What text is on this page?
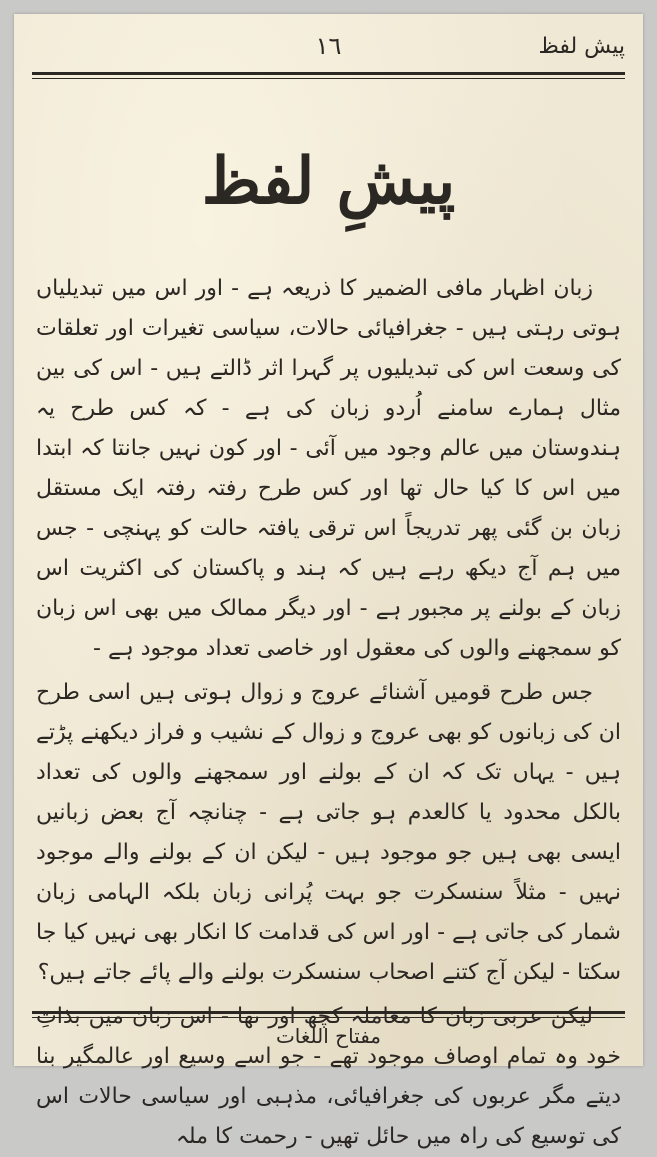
پیش لفظ
١٦
پیشِ لفظ

زبان اظہار مافی الضمیر کا ذریعہ ہے - اور اس میں تبدیلیاں ہوتی رہتی ہیں - جغرافیائی حالات، سیاسی تغیرات اور تعلقات کی وسعت اس کی تبدیلیوں پر گہرا اثر ڈالتے ہیں - اس کی بین مثال ہمارے سامنے اُردو زبان کی ہے - کہ کس طرح یہ ہندوستان میں عالم وجود میں آئی - اور کون نہیں جانتا کہ ابتدا میں اس کا کیا حال تھا اور کس طرح رفتہ رفتہ ایک مستقل زبان بن گئی پھر تدریجاً اس ترقی یافتہ حالت کو پہنچی - جس میں ہم آج دیکھ رہے ہیں کہ ہند و پاکستان کی اکثریت اس زبان کے بولنے پر مجبور ہے - اور دیگر ممالک میں بھی اس زبان کو سمجھنے والوں کی معقول اور خاصی تعداد موجود ہے -

جس طرح قومیں آشنائے عروج و زوال ہوتی ہیں اسی طرح ان کی زبانوں کو بھی عروج و زوال کے نشیب و فراز دیکھنے پڑتے ہیں - یہاں تک کہ ان کے بولنے اور سمجھنے والوں کی تعداد بالکل محدود یا کالعدم ہو جاتی ہے - چنانچہ آج بعض زبانیں ایسی بھی ہیں جو موجود ہیں - لیکن ان کے بولنے والے موجود نہیں - مثلاً سنسکرت جو بہت پُرانی زبان بلکہ الہامی زبان شمار کی جاتی ہے - اور اس کی قدامت کا انکار بھی نہیں کیا جا سکتا - لیکن آج کتنے اصحاب سنسکرت بولنے والے پائے جاتے ہیں؟

لیکن عربی زبان کا معاملہ کچھ اور تھا - اس زبان میں بذاتِ خود وہ تمام اوصاف موجود تھے - جو اسے وسیع اور عالمگیر بنا دیتے مگر عربوں کی جغرافیائی، مذہبی اور سیاسی حالات اس کی توسیع کی راہ میں حائل تھیں - رحمت کا ملہ

مفتاح اللغات
